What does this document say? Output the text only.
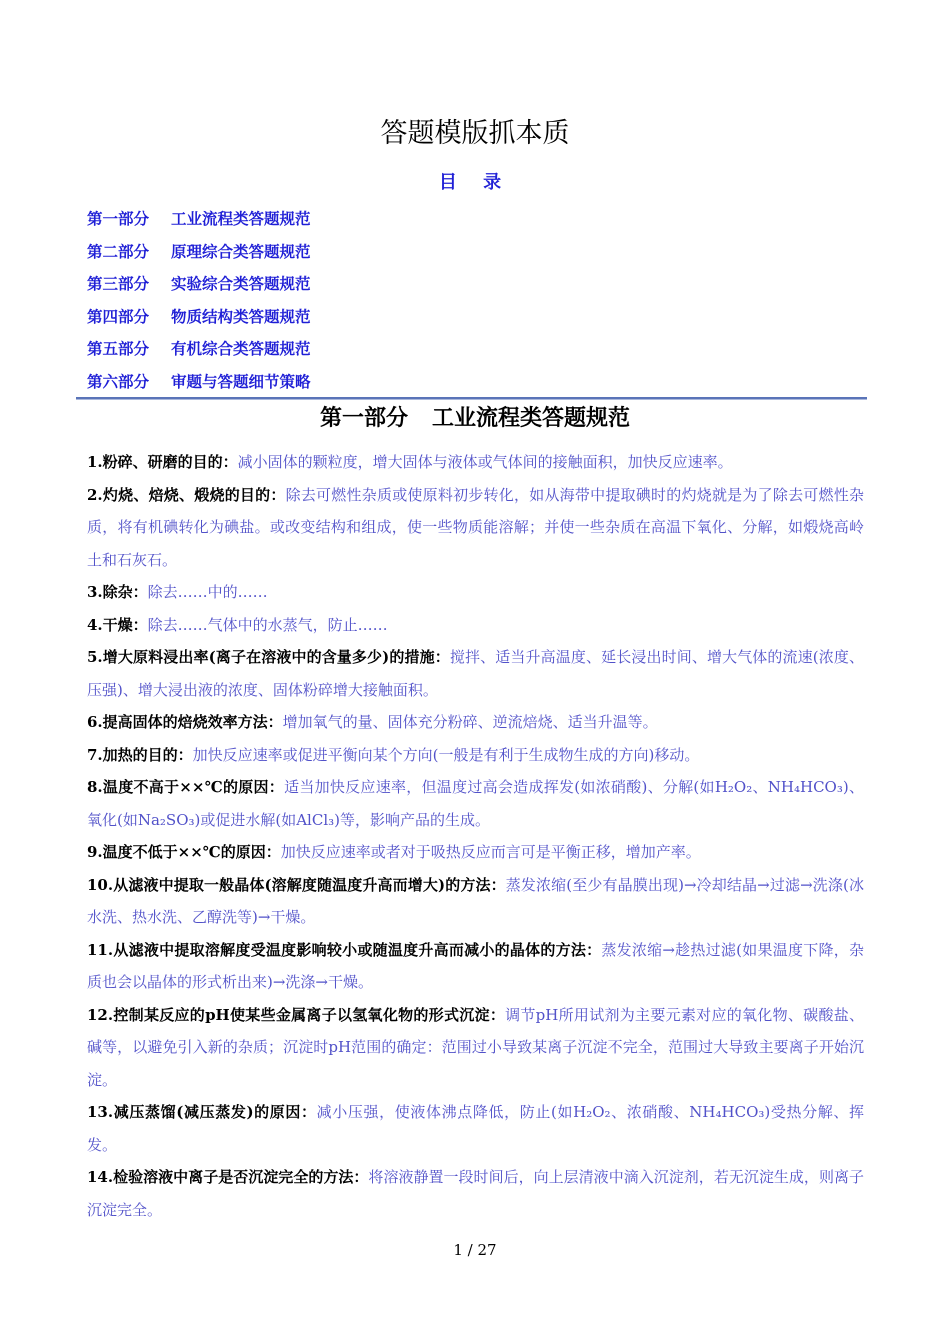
答题模版抓本质
目 录
第一部分 工业流程类答题规范
第二部分 原理综合类答题规范
第三部分 实验综合类答题规范
第四部分 物质结构类答题规范
第五部分 有机综合类答题规范
第六部分 审题与答题细节策略
第一部分 工业流程类答题规范
1.粉碎、研磨的目的：减小固体的颗粒度，增大固体与液体或气体间的接触面积，加快反应速率。
2.灼烧、焙烧、煅烧的目的：除去可燃性杂质或使原料初步转化，如从海带中提取碘时的灼烧就是为了除去可燃性杂质，将有机碘转化为碘盐。或改变结构和组成，使一些物质能溶解；并使一些杂质在高温下氧化、分解，如煅烧高岭土和石灰石。
3.除杂：除去……中的……
4.干燥：除去……气体中的水蒸气，防止……
5.增大原料浸出率(离子在溶液中的含量多少)的措施：搅拌、适当升高温度、延长浸出时间、增大气体的流速(浓度、压强)、增大浸出液的浓度、固体粉碎增大接触面积。
6.提高固体的焙烧效率方法：增加氧气的量、固体充分粉碎、逆流焙烧、适当升温等。
7.加热的目的：加快反应速率或促进平衡向某个方向(一般是有利于生成物生成的方向)移动。
8.温度不高于××℃的原因：适当加快反应速率，但温度过高会造成挥发(如浓硝酸)、分解(如H₂O₂、NH₄HCO₃)、氧化(如Na₂SO₃)或促进水解(如AlCl₃)等，影响产品的生成。
9.温度不低于××℃的原因：加快反应速率或者对于吸热反应而言可是平衡正移，增加产率。
10.从滤液中提取一般晶体(溶解度随温度升高而增大)的方法：蒸发浓缩(至少有晶膜出现)→冷却结晶→过滤→洗涤(冰水洗、热水洗、乙醇洗等)→干燥。
11.从滤液中提取溶解度受温度影响较小或随温度升高而减小的晶体的方法：蒸发浓缩→趁热过滤(如果温度下降，杂质也会以晶体的形式析出来)→洗涤→干燥。
12.控制某反应的pH使某些金属离子以氢氧化物的形式沉淀：调节pH所用试剂为主要元素对应的氧化物、碳酸盐、碱等，以避免引入新的杂质；沉淀时pH范围的确定：范围过小导致某离子沉淀不完全，范围过大导致主要离子开始沉淀。
13.减压蒸馏(减压蒸发)的原因：减小压强，使液体沸点降低，防止(如H₂O₂、浓硝酸、NH₄HCO₃)受热分解、挥发。
14.检验溶液中离子是否沉淀完全的方法：将溶液静置一段时间后，向上层清液中滴入沉淀剂，若无沉淀生成，则离子沉淀完全。
1 / 27
